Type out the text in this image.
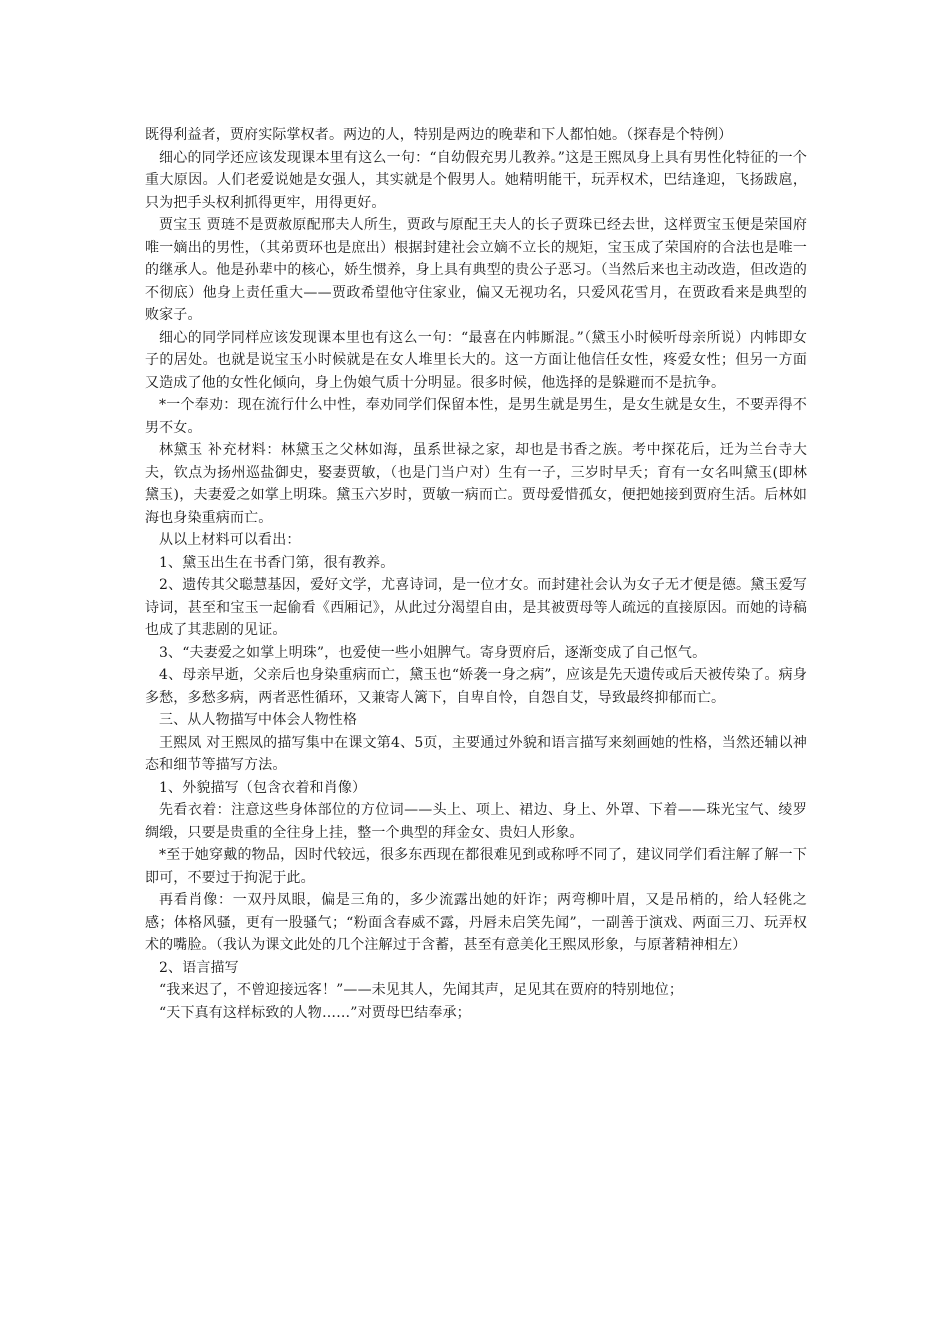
既得利益者，贾府实际掌权者。两边的人，特别是两边的晚辈和下人都怕她。（探春是个特例）

细心的同学还应该发现课本里有这么一句：“自幼假充男儿教养。”这是王熙凤身上具有男性化特征的一个重大原因。人们老爱说她是女强人，其实就是个假男人。她精明能干，玩弄权术，巴结逢迎，飞扬跋扈，只为把手头权利抓得更牢，用得更好。

贾宝玉 贾琏不是贾赦原配邢夫人所生，贾政与原配王夫人的长子贾珠已经去世，这样贾宝玉便是荣国府唯一嫡出的男性，（其弟贾环也是庶出）根据封建社会立嫡不立长的规矩，宝玉成了荣国府的合法也是唯一的继承人。他是孙辈中的核心，娇生惯养，身上具有典型的贵公子恶习。（当然后来也主动改造，但改造的不彻底）他身上责任重大——贾政希望他守住家业，偏又无视功名，只爱风花雪月，在贾政看来是典型的败家子。

细心的同学同样应该发现课本里也有这么一句：“最喜在内帏厮混。”（黛玉小时候听母亲所说）内帏即女子的居处。也就是说宝玉小时候就是在女人堆里长大的。这一方面让他信任女性，疼爱女性；但另一方面又造成了他的女性化倾向，身上伪娘气质十分明显。很多时候，他选择的是躲避而不是抗争。

*一个奉劝：现在流行什么中性，奉劝同学们保留本性，是男生就是男生，是女生就是女生，不要弄得不男不女。

林黛玉 补充材料：林黛玉之父林如海，虽系世禄之家，却也是书香之族。考中探花后，迁为兰台寺大夫，钦点为扬州巡盐御史，娶妻贾敏，（也是门当户对）生有一子，三岁时早夭；育有一女名叫黛玉(即林黛玉)，夫妻爱之如掌上明珠。黛玉六岁时，贾敏一病而亡。贾母爱惜孤女，便把她接到贾府生活。后林如海也身染重病而亡。

从以上材料可以看出：

1、黛玉出生在书香门第，很有教养。

2、遗传其父聪慧基因，爱好文学，尤喜诗词，是一位才女。而封建社会认为女子无才便是德。黛玉爱写诗词，甚至和宝玉一起偷看《西厢记》，从此过分渴望自由，是其被贾母等人疏远的直接原因。而她的诗稿也成了其悲剧的见证。

3、“夫妻爱之如掌上明珠”，也爱使一些小姐脾气。寄身贾府后，逐渐变成了自己怄气。

4、母亲早逝，父亲后也身染重病而亡，黛玉也“娇袭一身之病”，应该是先天遗传或后天被传染了。病身多愁，多愁多病，两者恶性循环，又兼寄人篱下，自卑自怜，自怨自艾，导致最终抑郁而亡。

三、从人物描写中体会人物性格

王熙凤 对王熙凤的描写集中在课文第4、5页，主要通过外貌和语言描写来刻画她的性格，当然还辅以神态和细节等描写方法。

1、外貌描写（包含衣着和肖像）

先看衣着：注意这些身体部位的方位词——头上、项上、裙边、身上、外罩、下着——珠光宝气、绫罗绸缎，只要是贵重的全往身上挂，整一个典型的拜金女、贵妇人形象。

*至于她穿戴的物品，因时代较远，很多东西现在都很难见到或称呼不同了，建议同学们看注解了解一下即可，不要过于拘泥于此。

再看肖像：一双丹凤眼，偏是三角的，多少流露出她的奸诈；两弯柳叶眉，又是吊梢的，给人轻佻之感；体格风骚，更有一股骚气；“粉面含春威不露，丹唇未启笑先闻”，一副善于演戏、两面三刀、玩弄权术的嘴脸。（我认为课文此处的几个注解过于含蓄，甚至有意美化王熙凤形象，与原著精神相左）

2、语言描写

“我来迟了，不曾迎接远客！”——未见其人，先闻其声，足见其在贾府的特别地位；

“天下真有这样标致的人物……”对贾母巴结奉承；
